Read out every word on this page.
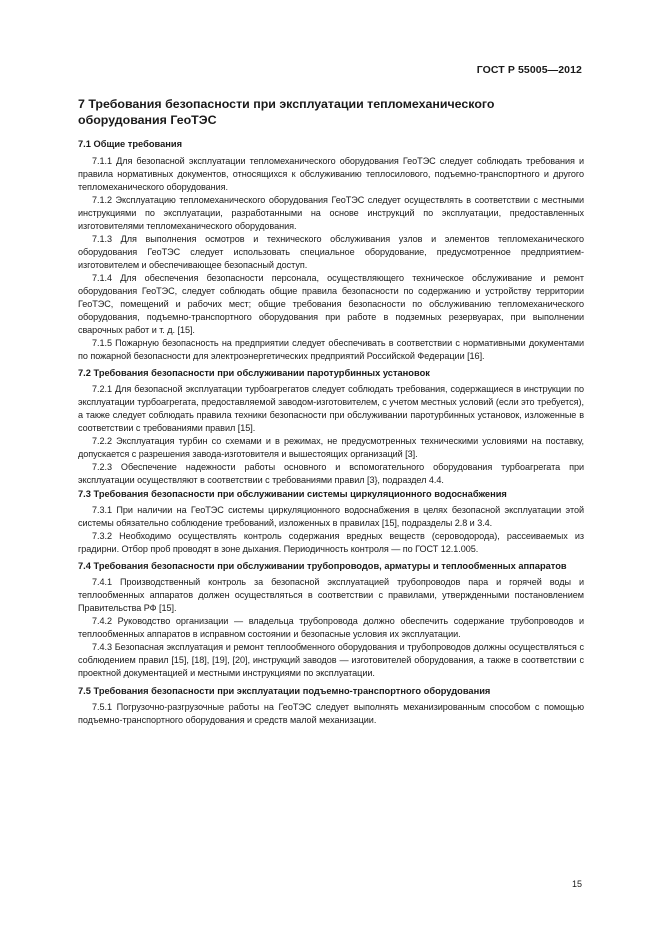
ГОСТ Р 55005—2012
7 Требования безопасности при эксплуатации тепломеханического оборудования ГеоТЭС
7.1 Общие требования

7.1.1 Для безопасной эксплуатации тепломеханического оборудования ГеоТЭС следует соблюдать требования и правила нормативных документов, относящихся к обслуживанию теплосилового, подъемно-транспортного и другого тепломеханического оборудования.

7.1.2 Эксплуатацию тепломеханического оборудования ГеоТЭС следует осуществлять в соответствии с местными инструкциями по эксплуатации, разработанными на основе инструкций по эксплуатации, предоставленных изготовителями тепломеханического оборудования.

7.1.3 Для выполнения осмотров и технического обслуживания узлов и элементов тепломеханического оборудования ГеоТЭС следует использовать специальное оборудование, предусмотренное предприятием-изготовителем и обеспечивающее безопасный доступ.

7.1.4 Для обеспечения безопасности персонала, осуществляющего техническое обслуживание и ремонт оборудования ГеоТЭС, следует соблюдать общие правила безопасности по содержанию и устройству территории ГеоТЭС, помещений и рабочих мест; общие требования безопасности по обслуживанию тепломеханического оборудования, подъемно-транспортного оборудования при работе в подземных резервуарах, при выполнении сварочных работ и т. д. [15].

7.1.5 Пожарную безопасность на предприятии следует обеспечивать в соответствии с нормативными документами по пожарной безопасности для электроэнергетических предприятий Российской Федерации [16].

7.2 Требования безопасности при обслуживании паротурбинных установок

7.2.1 Для безопасной эксплуатации турбоагрегатов следует соблюдать требования, содержащиеся в инструкции по эксплуатации турбоагрегата, предоставляемой заводом-изготовителем, с учетом местных условий (если это требуется), а также следует соблюдать правила техники безопасности при обслуживании паротурбинных установок, изложенные в соответствии с требованиями правил [15].

7.2.2 Эксплуатация турбин со схемами и в режимах, не предусмотренных техническими условиями на поставку, допускается с разрешения завода-изготовителя и вышестоящих организаций [3].

7.2.3 Обеспечение надежности работы основного и вспомогательного оборудования турбоагрегата при эксплуатации осуществляют в соответствии с требованиями правил [3}, подраздел 4.4.

7.3 Требования безопасности при обслуживании системы циркуляционного водоснабжения

7.3.1 При наличии на ГеоТЭС системы циркуляционного водоснабжения в целях безопасной эксплуатации этой системы обязательно соблюдение требований, изложенных в правилах [15], подразделы 2.8 и 3.4.

7.3.2 Необходимо осуществлять контроль содержания вредных веществ (сероводорода), рассеиваемых из градирни. Отбор проб проводят в зоне дыхания. Периодичность контроля — по ГОСТ 12.1.005.

7.4 Требования безопасности при обслуживании трубопроводов, арматуры и теплообменных аппаратов

7.4.1 Производственный контроль за безопасной эксплуатацией трубопроводов пара и горячей воды и теплообменных аппаратов должен осуществляться в соответствии с правилами, утвержденными постановлением Правительства РФ [15].

7.4.2 Руководство организации — владельца трубопровода должно обеспечить содержание трубопроводов и теплообменных аппаратов в исправном состоянии и безопасные условия их эксплуатации.

7.4.3 Безопасная эксплуатация и ремонт теплообменного оборудования и трубопроводов должны осуществляться с соблюдением правил [15], [18], [19], [20], инструкций заводов — изготовителей оборудования, а также в соответствии с проектной документацией и местными инструкциями по эксплуатации.

7.5 Требования безопасности при эксплуатации подъемно-транспортного оборудования

7.5.1 Погрузочно-разгрузочные работы на ГеоТЭС следует выполнять механизированным способом с помощью подъемно-транспортного оборудования и средств малой механизации.

15
